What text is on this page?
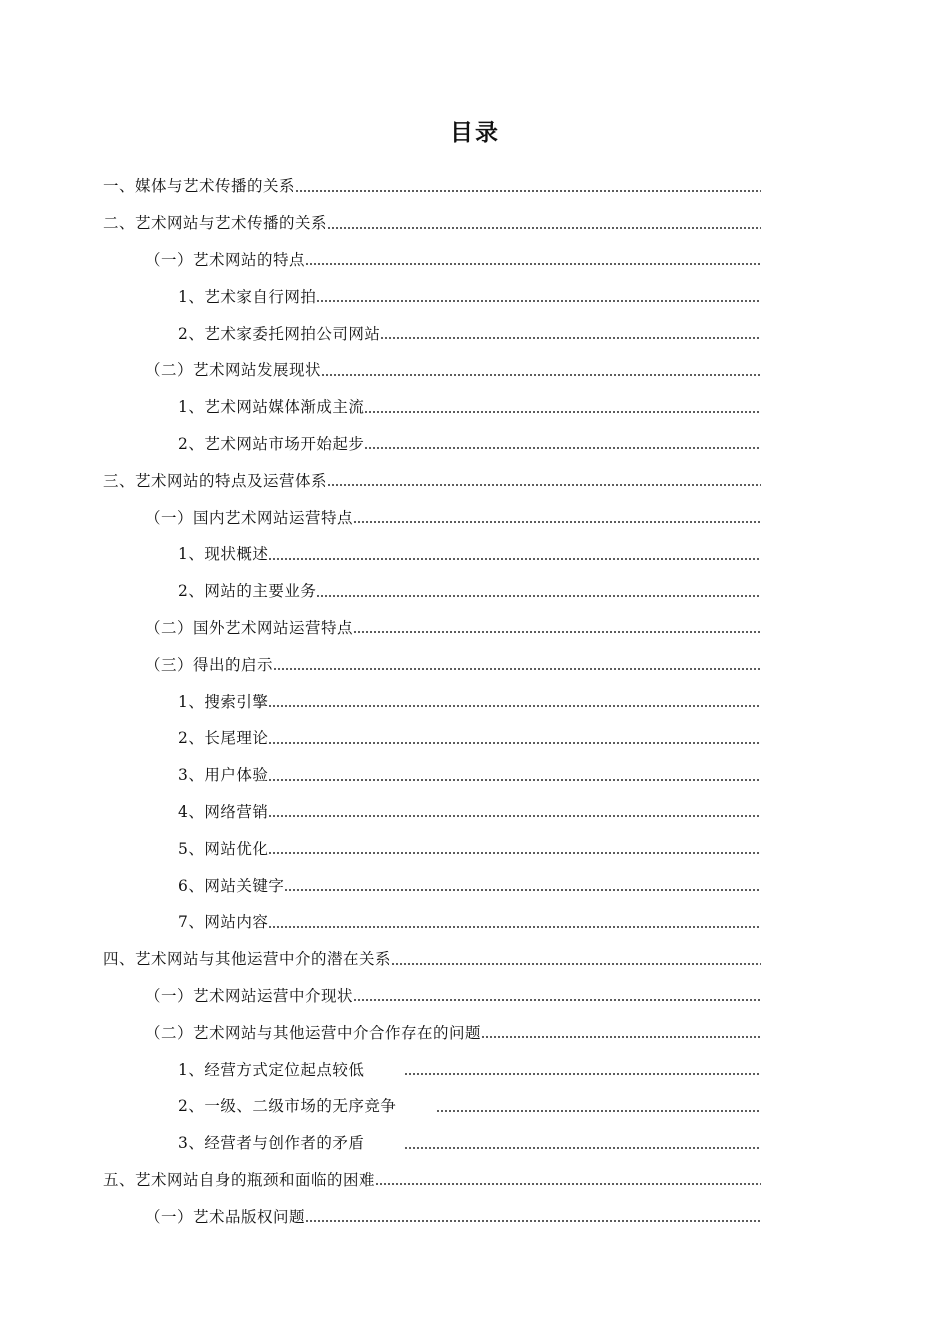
目录
一、媒体与艺术传播的关系
二、艺术网站与艺术传播的关系
（一）艺术网站的特点
1、艺术家自行网拍
2、艺术家委托网拍公司网站
（二）艺术网站发展现状
1、艺术网站媒体渐成主流
2、艺术网站市场开始起步
三、艺术网站的特点及运营体系
（一）国内艺术网站运营特点
1、现状概述
2、网站的主要业务
（二）国外艺术网站运营特点
（三）得出的启示
1、搜索引擎
2、长尾理论
3、用户体验
4、网络营销
5、网站优化
6、网站关键字
7、网站内容
四、艺术网站与其他运营中介的潜在关系
（一）艺术网站运营中介现状
（二）艺术网站与其他运营中介合作存在的问题
1、经营方式定位起点较低
2、一级、二级市场的无序竞争
3、经营者与创作者的矛盾
五、艺术网站自身的瓶颈和面临的困难
（一）艺术品版权问题
